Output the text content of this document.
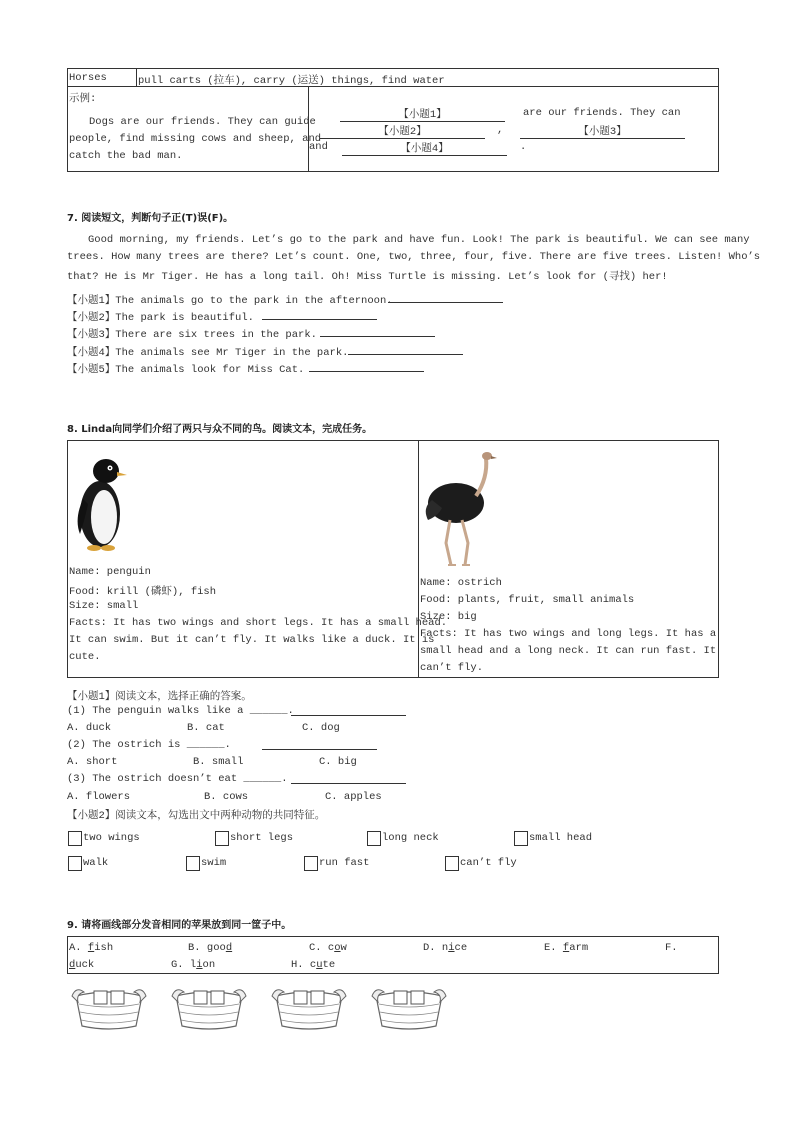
Horses	pull carts (拉车), carry (运送) things, find water
示例:
Dogs are our friends. They can guide
people, find missing cows and sheep, and
catch the bad man.
【小题1】	are our friends. They can
【小题2】	,	【小题3】
and	【小题4】	.
7. 阅读短文，判断句子正(T)误(F)。
Good morning, my friends. Let’s go to the park and have fun. Look! The park is beautiful. We can see many
trees. How many trees are there? Let’s count. One, two, three, four, five. There are five trees. Listen! Who’s
that? He is Mr Tiger. He has a long tail. Oh! Miss Turtle is missing. Let’s look for (寻找) her!
【小题1】The animals go to the park in the afternoon.
【小题2】The park is beautiful.
【小题3】There are six trees in the park.
【小题4】The animals see Mr Tiger in the park.
【小题5】The animals look for Miss Cat.
8. Linda向同学们介绍了两只与众不同的鸟。阅读文本，完成任务。
Name: penguin
Food: krill (磷虾), fish
Size: small
Facts: It has two wings and short legs. It has a small head.
It can swim. But it can’t fly. It walks like a duck. It is
cute.
Name: ostrich
Food: plants, fruit, small animals
Size: big
Facts: It has two wings and long legs. It has a
small head and a long neck. It can run fast. It
can’t fly.
【小题1】阅读文本，选择正确的答案。
(1) The penguin walks like a ______.
A. duck	B. cat	C. dog
(2) The ostrich is ______.
A. short	B. small	C. big
(3) The ostrich doesn’t eat ______.
A. flowers	B. cows	C. apples
【小题2】阅读文本，勾选出文中两种动物的共同特征。
two wings	short legs	long neck	small head
walk	swim	run fast	can’t fly
9. 请将画线部分发音相同的苹果放到同一筐子中。
A. fish	B. good	C. cow	D. nice	E. farm	F.
duck	G. lion	H. cute
